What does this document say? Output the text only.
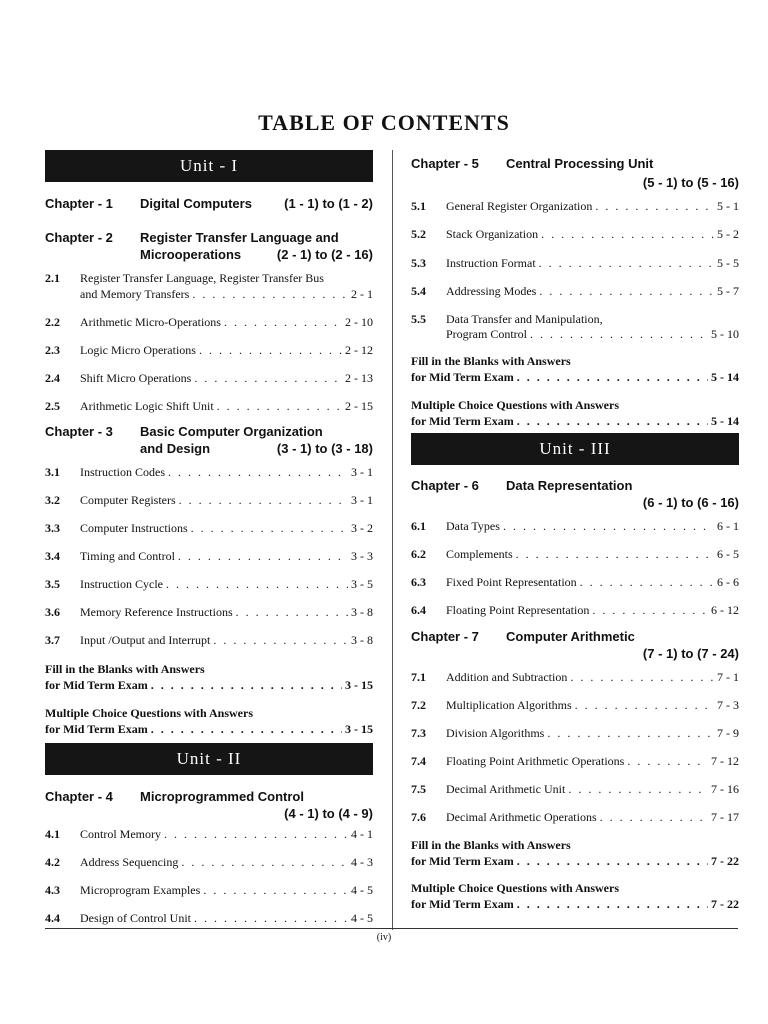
TABLE OF CONTENTS
Unit - I
Chapter - 1 Digital Computers (1 - 1) to (1 - 2)
Chapter - 2 Register Transfer Language and
Microoperations	(2 - 1) to (2 - 16)
2.1 Register Transfer Language, Register Transfer Bus
and Memory Transfers . . .	2 - 1
2.2 Arithmetic Micro-Operations . . .	2 - 10
2.3 Logic Micro Operations . . .	2 - 12
2.4 Shift Micro Operations . . .	2 - 13
2.5 Arithmetic Logic Shift Unit . . .	2 - 15
Chapter - 3 Basic Computer Organization
and Design	(3 - 1) to (3 - 18)
3.1 Instruction Codes . . .	3 - 1
3.2 Computer Registers . . .	3 - 1
3.3 Computer Instructions . . .	3 - 2
3.4 Timing and Control . . .	3 - 3
3.5 Instruction Cycle . . .	3 - 5
3.6 Memory Reference Instructions . . .	3 - 8
3.7 Input /Output and Interrupt . . .	3 - 8
Fill in the Blanks with Answers
for Mid Term Exam . . .	3 - 15
Multiple Choice Questions with Answers
for Mid Term Exam . . .	3 - 15
Unit - II
Chapter - 4 Microprogrammed Control
(4 - 1) to (4 - 9)
4.1 Control Memory . . .	4 - 1
4.2 Address Sequencing . . .	4 - 3
4.3 Microprogram Examples . . .	4 - 5
4.4 Design of Control Unit . . .	4 - 5
Chapter - 5 Central Processing Unit
(5 - 1) to (5 - 16)
5.1 General Register Organization . . .	5 - 1
5.2 Stack Organization . . .	5 - 2
5.3 Instruction Format . . .	5 - 5
5.4 Addressing Modes . . .	5 - 7
5.5 Data Transfer and Manipulation,
Program Control . . .	5 - 10
Fill in the Blanks with Answers
for Mid Term Exam . . .	5 - 14
Multiple Choice Questions with Answers
for Mid Term Exam . . .	5 - 14
Unit - III
Chapter - 6 Data Representation
(6 - 1) to (6 - 16)
6.1 Data Types . . .	6 - 1
6.2 Complements . . .	6 - 5
6.3 Fixed Point Representation . . .	6 - 6
6.4 Floating Point Representation . . .	6 - 12
Chapter - 7 Computer Arithmetic
(7 - 1) to (7 - 24)
7.1 Addition and Subtraction . . .	7 - 1
7.2 Multiplication Algorithms . . .	7 - 3
7.3 Division Algorithms . . .	7 - 9
7.4 Floating Point Arithmetic Operations . . .	7 - 12
7.5 Decimal Arithmetic Unit . . .	7 - 16
7.6 Decimal Arithmetic Operations . . .	7 - 17
Fill in the Blanks with Answers
for Mid Term Exam . . .	7 - 22
Multiple Choice Questions with Answers
for Mid Term Exam . . .	7 - 22
(iv)
